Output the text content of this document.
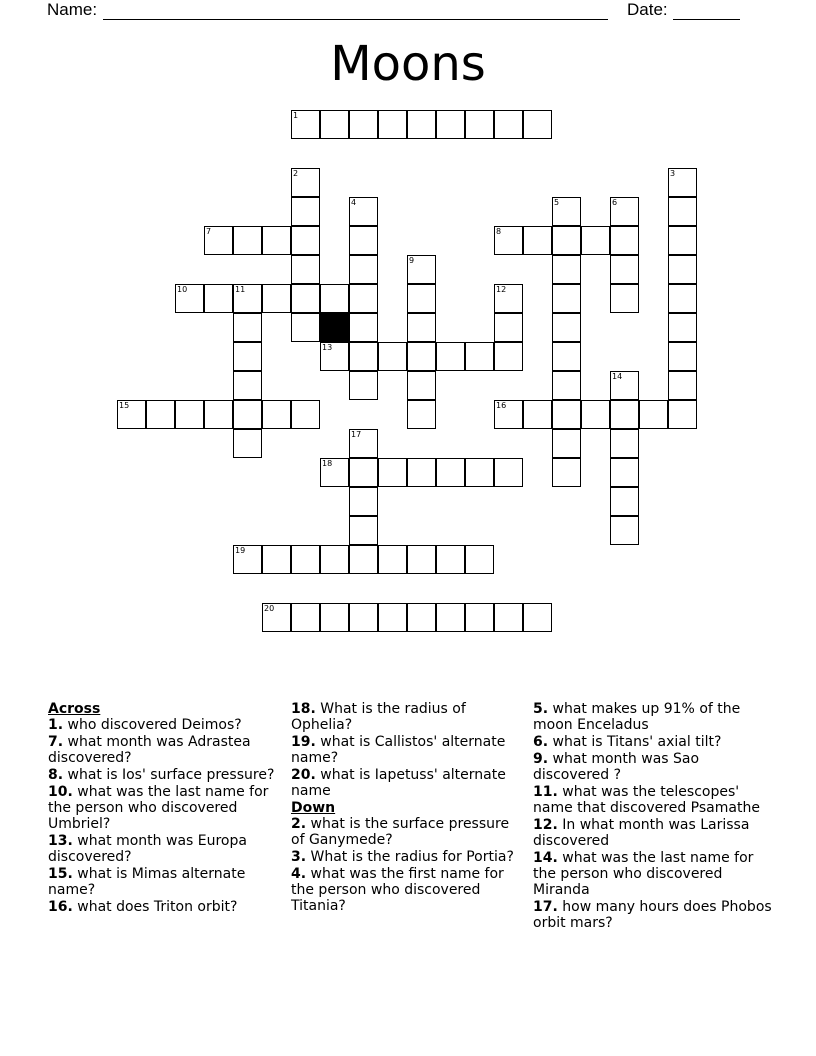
Name:	Date:
Moons
1
2
4
7
10	11
13
9
12
8
5	6
3
15	16
14
17
18
19
20
Across
1. who discovered Deimos?
7. what month was Adrastea discovered?
8. what is Ios' surface pressure?
10. what was the last name for the person who discovered Umbriel?
13. what month was Europa discovered?
15. what is Mimas alternate name?
16. what does Triton orbit?
18. What is the radius of Ophelia?
19. what is Callistos' alternate name?
20. what is Iapetuss' alternate name
Down
2. what is the surface pressure of Ganymede?
3. What is the radius for Portia?
4. what was the first name for the person who discovered Titania?
5. what makes up 91% of the moon Enceladus
6. what is Titans' axial tilt?
9. what month was Sao discovered ?
11. what was the telescopes' name that discovered Psamathe
12. In what month was Larissa discovered
14. what was the last name for the person who discovered Miranda
17. how many hours does Phobos orbit mars?
